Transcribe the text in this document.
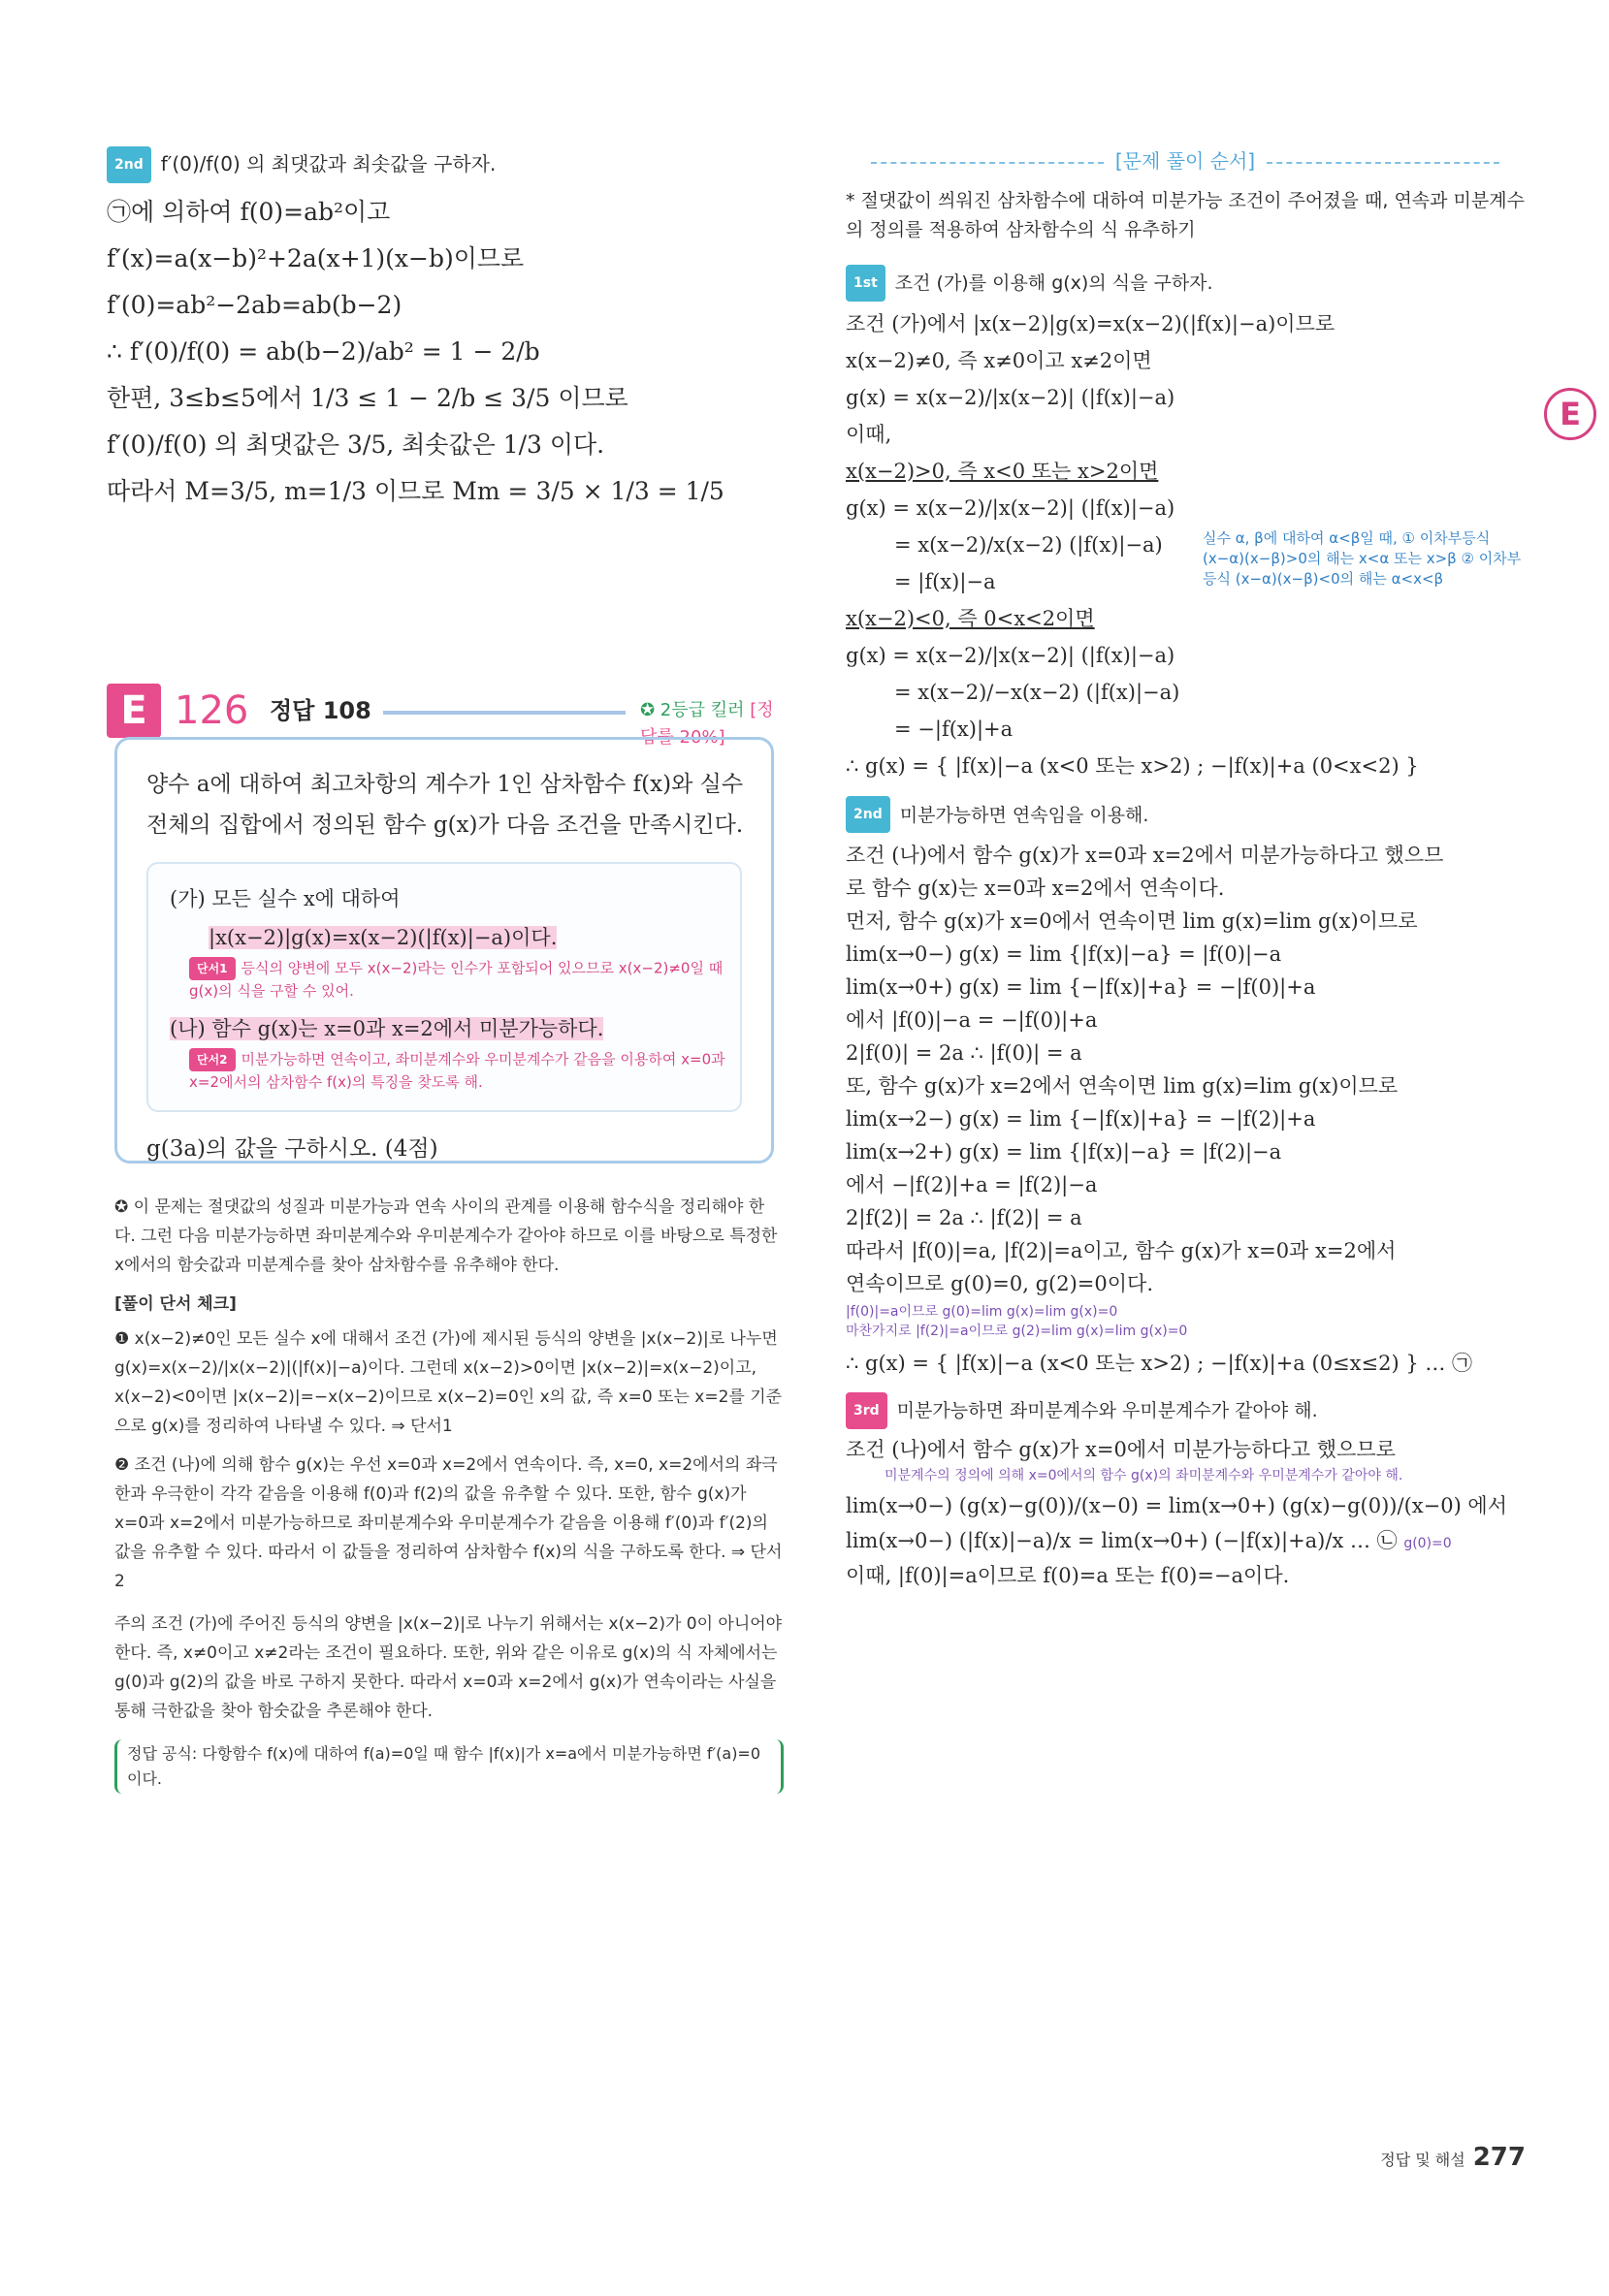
2nd f′(0)/f(0) 의 최댓값과 최솟값을 구하자.
㉠에 의하여 f(0)=ab²이고
f′(x)=a(x−b)²+2a(x+1)(x−b)이므로
f′(0)=ab²−2ab=ab(b−2)
∴ f′(0)/f(0) = ab(b−2)/ab² = 1 − 2/b
한편, 3≤b≤5에서 1/3 ≤ 1 − 2/b ≤ 3/5 이므로
f′(0)/f(0) 의 최댓값은 3/5, 최솟값은 1/3 이다.
따라서 M=3/5, m=1/3 이므로 Mm = 3/5 × 1/3 = 1/5
E 126 정답 108	✪ 2등급 킬러 [정답률 20%]
양수 a에 대하여 최고차항의 계수가 1인 삼차함수 f(x)와 실수
전체의 집합에서 정의된 함수 g(x)가 다음 조건을 만족시킨다.
(가) 모든 실수 x에 대하여
|x(x−2)|g(x)=x(x−2)(|f(x)|−a)이다.
단서1 등식의 양변에 모두 x(x−2)라는 인수가 포함되어 있으므로 x(x−2)≠0일 때 g(x)의 식을 구할 수 있어.
(나) 함수 g(x)는 x=0과 x=2에서 미분가능하다.
단서2 미분가능하면 연속이고, 좌미분계수와 우미분계수가 같음을 이용하여 x=0과 x=2에서의 삼차함수 f(x)의 특징을 찾도록 해.
g(3a)의 값을 구하시오. (4점)
✪ 이 문제는 절댓값의 성질과 미분가능과 연속 사이의 관계를 이용해 함수식을 정리해야 한다. 그런 다음 미분가능하면 좌미분계수와 우미분계수가 같아야 하므로 이를 바탕으로 특정한 x에서의 함숫값과 미분계수를 찾아 삼차함수를 유추해야 한다.
[풀이 단서 체크]
❶ x(x−2)≠0인 모든 실수 x에 대해서 조건 (가)에 제시된 등식의 양변을 |x(x−2)|로 나누면 g(x)=x(x−2)/|x(x−2)|(|f(x)|−a)이다. 그런데 x(x−2)>0이면 |x(x−2)|=x(x−2)이고, x(x−2)<0이면 |x(x−2)|=−x(x−2)이므로 x(x−2)=0인 x의 값, 즉 x=0 또는 x=2를 기준으로 g(x)를 정리하여 나타낼 수 있다. ⇒ 단서1
❷ 조건 (나)에 의해 함수 g(x)는 우선 x=0과 x=2에서 연속이다. 즉, x=0, x=2에서의 좌극한과 우극한이 각각 같음을 이용해 f(0)과 f(2)의 값을 유추할 수 있다. 또한, 함수 g(x)가 x=0과 x=2에서 미분가능하므로 좌미분계수와 우미분계수가 같음을 이용해 f′(0)과 f′(2)의 값을 유추할 수 있다. 따라서 이 값들을 정리하여 삼차함수 f(x)의 식을 구하도록 한다. ⇒ 단서2
주의 조건 (가)에 주어진 등식의 양변을 |x(x−2)|로 나누기 위해서는 x(x−2)가 0이 아니어야 한다. 즉, x≠0이고 x≠2라는 조건이 필요하다. 또한, 위와 같은 이유로 g(x)의 식 자체에서는 g(0)과 g(2)의 값을 바로 구하지 못한다. 따라서 x=0과 x=2에서 g(x)가 연속이라는 사실을 통해 극한값을 찾아 함숫값을 추론해야 한다.
정답 공식: 다항함수 f(x)에 대하여 f(a)=0일 때 함수 |f(x)|가 x=a에서 미분가능하면 f′(a)=0이다.
[문제 풀이 순서]
* 절댓값이 씌워진 삼차함수에 대하여 미분가능 조건이 주어졌을 때, 연속과 미분계수의 정의를 적용하여 삼차함수의 식 유추하기
1st 조건 (가)를 이용해 g(x)의 식을 구하자.
조건 (가)에서 |x(x−2)|g(x)=x(x−2)(|f(x)|−a)이므로
x(x−2)≠0, 즉 x≠0이고 x≠2이면
g(x) = x(x−2)/|x(x−2)| (|f(x)|−a)
이때,
x(x−2)>0, 즉 x<0 또는 x>2이면
g(x) = x(x−2)/|x(x−2)| (|f(x)|−a)
= x(x−2)/x(x−2) (|f(x)|−a)
= |f(x)|−a
x(x−2)<0, 즉 0<x<2이면
g(x) = x(x−2)/|x(x−2)| (|f(x)|−a)
= x(x−2)/−x(x−2) (|f(x)|−a)
= −|f(x)|+a
∴ g(x) = { |f(x)|−a (x<0 또는 x>2) ; −|f(x)|+a (0<x<2) }
2nd 미분가능하면 연속임을 이용해.
조건 (나)에서 함수 g(x)가 x=0과 x=2에서 미분가능하다고 했으므
로 함수 g(x)는 x=0과 x=2에서 연속이다.
먼저, 함수 g(x)가 x=0에서 연속이면 lim g(x)=lim g(x)이므로
lim(x→0−) g(x) = lim {|f(x)|−a} = |f(0)|−a
lim(x→0+) g(x) = lim {−|f(x)|+a} = −|f(0)|+a
에서 |f(0)|−a = −|f(0)|+a
2|f(0)| = 2a ∴ |f(0)| = a
또, 함수 g(x)가 x=2에서 연속이면 lim g(x)=lim g(x)이므로
lim(x→2−) g(x) = lim {−|f(x)|+a} = −|f(2)|+a
lim(x→2+) g(x) = lim {|f(x)|−a} = |f(2)|−a
에서 −|f(2)|+a = |f(2)|−a
2|f(2)| = 2a ∴ |f(2)| = a
따라서 |f(0)|=a, |f(2)|=a이고, 함수 g(x)가 x=0과 x=2에서
연속이므로 g(0)=0, g(2)=0이다.
|f(0)|=a이므로 g(0)=lim g(x)=lim g(x)=0
마찬가지로 |f(2)|=a이므로 g(2)=lim g(x)=lim g(x)=0
∴ g(x) = { |f(x)|−a (x<0 또는 x>2) ; −|f(x)|+a (0≤x≤2) } … ㉠
3rd 미분가능하면 좌미분계수와 우미분계수가 같아야 해.
조건 (나)에서 함수 g(x)가 x=0에서 미분가능하다고 했으므로
미분계수의 정의에 의해 x=0에서의 함수 g(x)의 좌미분계수와 우미분계수가 같아야 해.
lim(x→0−) (g(x)−g(0))/(x−0) = lim(x→0+) (g(x)−g(0))/(x−0) 에서
lim(x→0−) (|f(x)|−a)/x = lim(x→0+) (−|f(x)|+a)/x … ㉡ g(0)=0
이때, |f(0)|=a이므로 f(0)=a 또는 f(0)=−a이다.
실수 α, β에 대하여 α<β일 때, ① 이차부등식 (x−α)(x−β)>0의 해는 x<α 또는 x>β ② 이차부등식 (x−α)(x−β)<0의 해는 α<x<β
E
정답 및 해설 277
